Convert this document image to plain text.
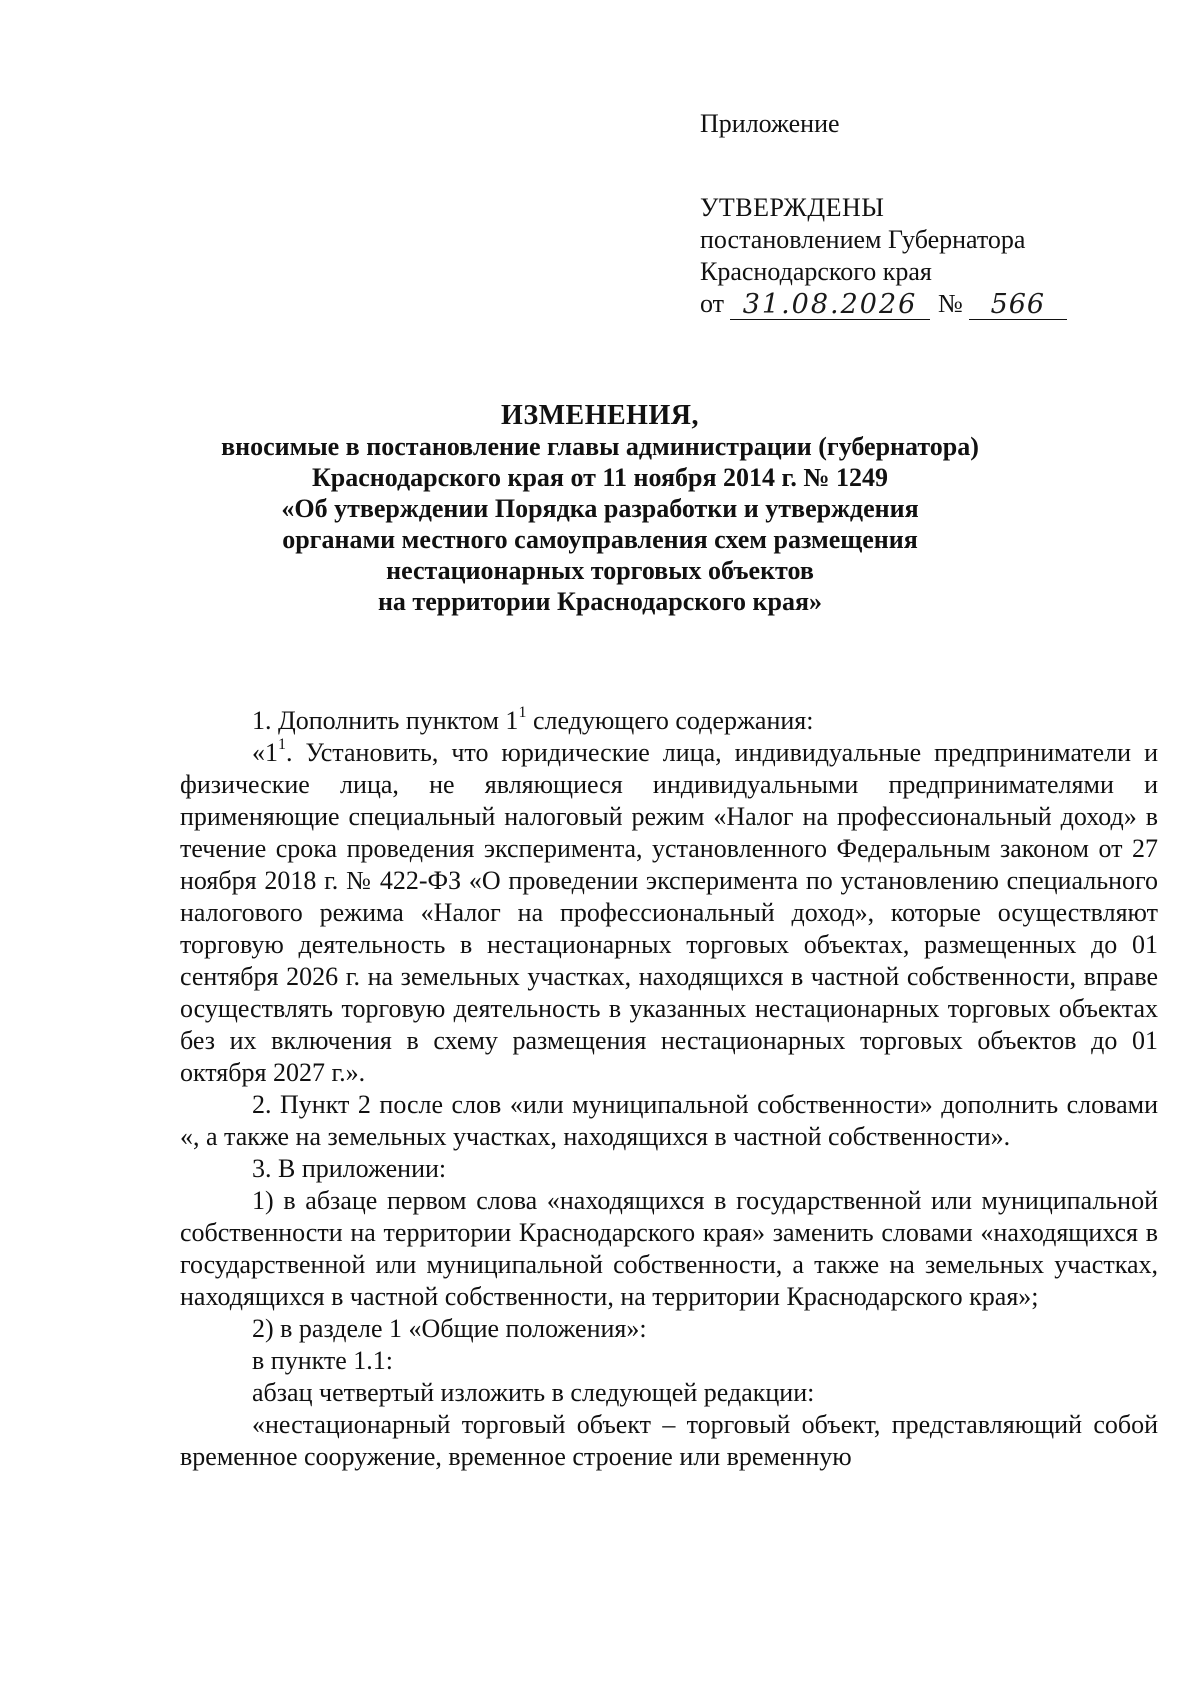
Приложение
УТВЕРЖДЕНЫ
постановлением Губернатора
Краснодарского края
от 31.08.2026 №	566
ИЗМЕНЕНИЯ,
вносимые в постановление главы администрации (губернатора)
Краснодарского края от 11 ноября 2014 г. № 1249
«Об утверждении Порядка разработки и утверждения
органами местного самоуправления схем размещения
нестационарных торговых объектов
на территории Краснодарского края»

1. Дополнить пунктом $1^1$ следующего содержания:

«$1^1$. Установить, что юридические лица, индивидуальные предприниматели и физические лица, не являющиеся индивидуальными предпринимателями и применяющие специальный налоговый режим «Налог на профессиональный доход» в течение срока проведения эксперимента, установленного Федеральным законом от 27 ноября 2018 г. № 422-ФЗ «О проведении эксперимента по установлению специального налогового режима «Налог на профессиональный доход», которые осуществляют торговую деятельность в нестационарных торговых объектах, размещенных до 01 сентября 2026 г. на земельных участках, находящихся в частной собственности, вправе осуществлять торговую деятельность в указанных нестационарных торговых объектах без их включения в схему размещения нестационарных торговых объектов до 01 октября 2027 г.».

2. Пункт 2 после слов «или муниципальной собственности» дополнить словами «, а также на земельных участках, находящихся в частной собственности».

3. В приложении:

1) в абзаце первом слова «находящихся в государственной или муниципальной собственности на территории Краснодарского края» заменить словами «находящихся в государственной или муниципальной собственности, а также на земельных участках, находящихся в частной собственности, на территории Краснодарского края»;

2) в разделе 1 «Общие положения»:

в пункте 1.1:

абзац четвертый изложить в следующей редакции:

«нестационарный торговый объект – торговый объект, представляющий собой временное сооружение, временное строение или временную
